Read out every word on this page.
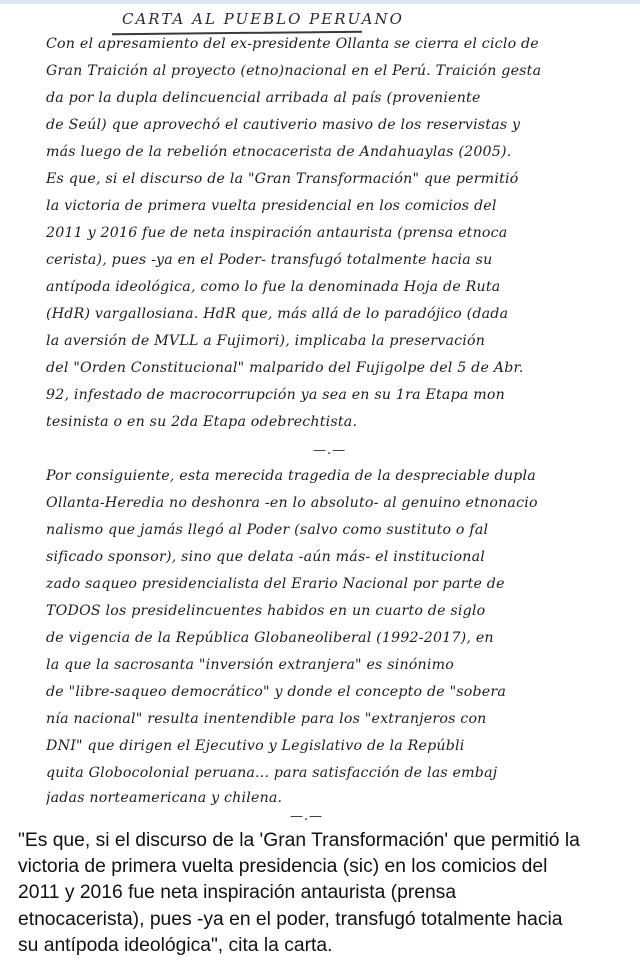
CARTA AL PUEBLO PERUANO
Con el apresamiento del ex-presidente Ollanta se cierra el ciclo de
Gran Traición al proyecto (etno)nacional en el Perú. Traición gesta
da por la dupla delincuencial arribada al país (proveniente
de Seúl) que aprovechó el cautiverio masivo de los reservistas y
más luego de la rebelión etnocacerista de Andahuaylas (2005).
Es que, si el discurso de la "Gran Transformación" que permitió
la victoria de primera vuelta presidencial en los comicios del
2011 y 2016 fue de neta inspiración antaurista (prensa etnoca
cerista), pues -ya en el Poder- transfugó totalmente hacia su
antípoda ideológica, como lo fue la denominada Hoja de Ruta
(HdR) vargallosiana. HdR que, más allá de lo paradójico (dada
la aversión de MVLL a Fujimori), implicaba la preservación
del "Orden Constitucional" malparido del Fujigolpe del 5 de Abr.
92, infestado de macrocorrupción ya sea en su 1ra Etapa mon
tesinista o en su 2da Etapa odebrechtista.
—.—
Por consiguiente, esta merecida tragedia de la despreciable dupla
Ollanta-Heredia no deshonra -en lo absoluto- al genuino etnonacio
nalismo que jamás llegó al Poder (salvo como sustituto o fal
sificado sponsor), sino que delata -aún más- el institucional
zado saqueo presidencialista del Erario Nacional por parte de
TODOS los presidelincuentes habidos en un cuarto de siglo
de vigencia de la República Globaneoliberal (1992-2017), en
la que la sacrosanta "inversión extranjera" es sinónimo
de "libre-saqueo democrático" y donde el concepto de "sobera
nía nacional" resulta inentendible para los "extranjeros con
DNI" que dirigen el Ejecutivo y Legislativo de la Repúbli
quita Globocolonial peruana... para satisfacción de las embaj
jadas norteamericana y chilena.
—.—
"Es que, si el discurso de la 'Gran Transformación' que permitió la
victoria de primera vuelta presidencia (sic) en los comicios del
2011 y 2016 fue neta inspiración antaurista (prensa
etnocacerista), pues -ya en el poder, transfugó totalmente hacia
su antípoda ideológica", cita la carta.
